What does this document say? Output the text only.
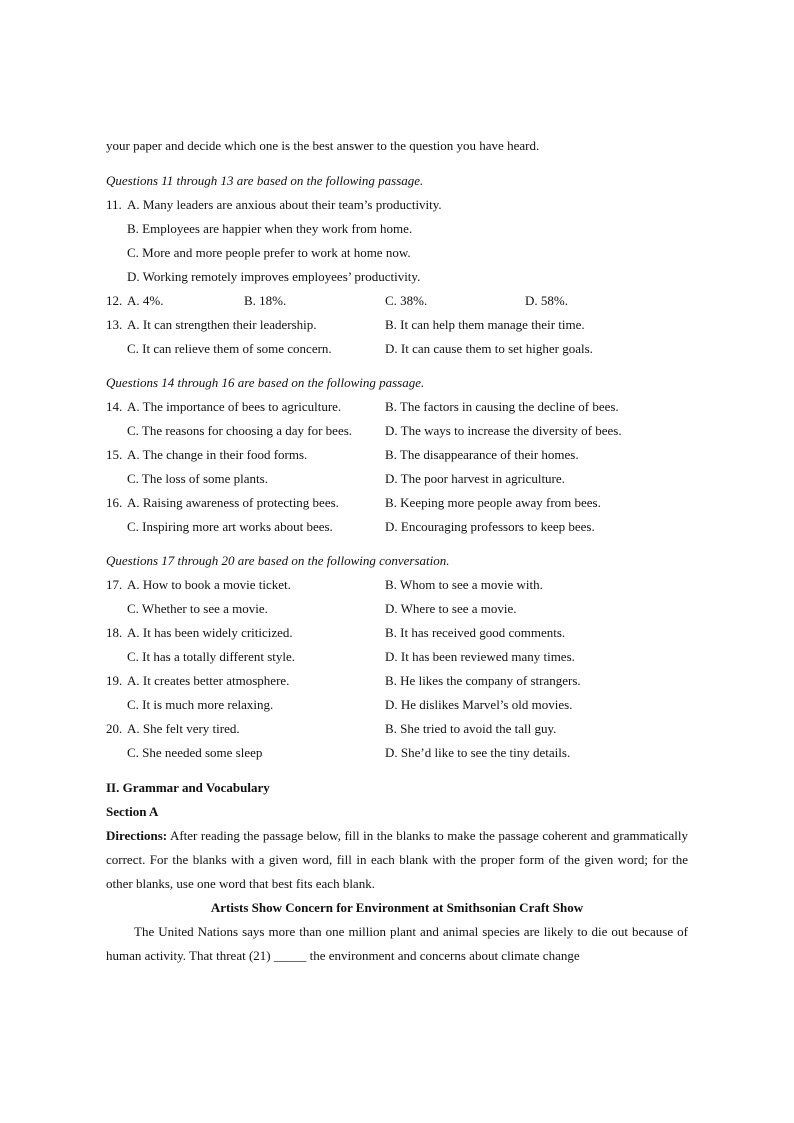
your paper and decide which one is the best answer to the question you have heard.
Questions 11 through 13 are based on the following passage.
11. A. Many leaders are anxious about their team’s productivity.
B. Employees are happier when they work from home.
C. More and more people prefer to work at home now.
D. Working remotely improves employees’ productivity.
12. A. 4%.	B. 18%.	C. 38%.	D. 58%.
13. A. It can strengthen their leadership.	B. It can help them manage their time.
C. It can relieve them of some concern.	D. It can cause them to set higher goals.
Questions 14 through 16 are based on the following passage.
14. A. The importance of bees to agriculture.	B. The factors in causing the decline of bees.
C. The reasons for choosing a day for bees.	D. The ways to increase the diversity of bees.
15. A. The change in their food forms.	B. The disappearance of their homes.
C. The loss of some plants.	D. The poor harvest in agriculture.
16. A. Raising awareness of protecting bees.	B. Keeping more people away from bees.
C. Inspiring more art works about bees.	D. Encouraging professors to keep bees.
Questions 17 through 20 are based on the following conversation.
17. A. How to book a movie ticket.	B. Whom to see a movie with.
C. Whether to see a movie.	D. Where to see a movie.
18. A. It has been widely criticized.	B. It has received good comments.
C. It has a totally different style.	D. It has been reviewed many times.
19. A. It creates better atmosphere.	B. He likes the company of strangers.
C. It is much more relaxing.	D. He dislikes Marvel’s old movies.
20. A. She felt very tired.	B. She tried to avoid the tall guy.
C. She needed some sleep	D. She’d like to see the tiny details.
II. Grammar and Vocabulary
Section A
Directions: After reading the passage below, fill in the blanks to make the passage coherent and grammatically correct. For the blanks with a given word, fill in each blank with the proper form of the given word; for the other blanks, use one word that best fits each blank.
Artists Show Concern for Environment at Smithsonian Craft Show
The United Nations says more than one million plant and animal species are likely to die out because of human activity. That threat (21) _____ the environment and concerns about climate change
